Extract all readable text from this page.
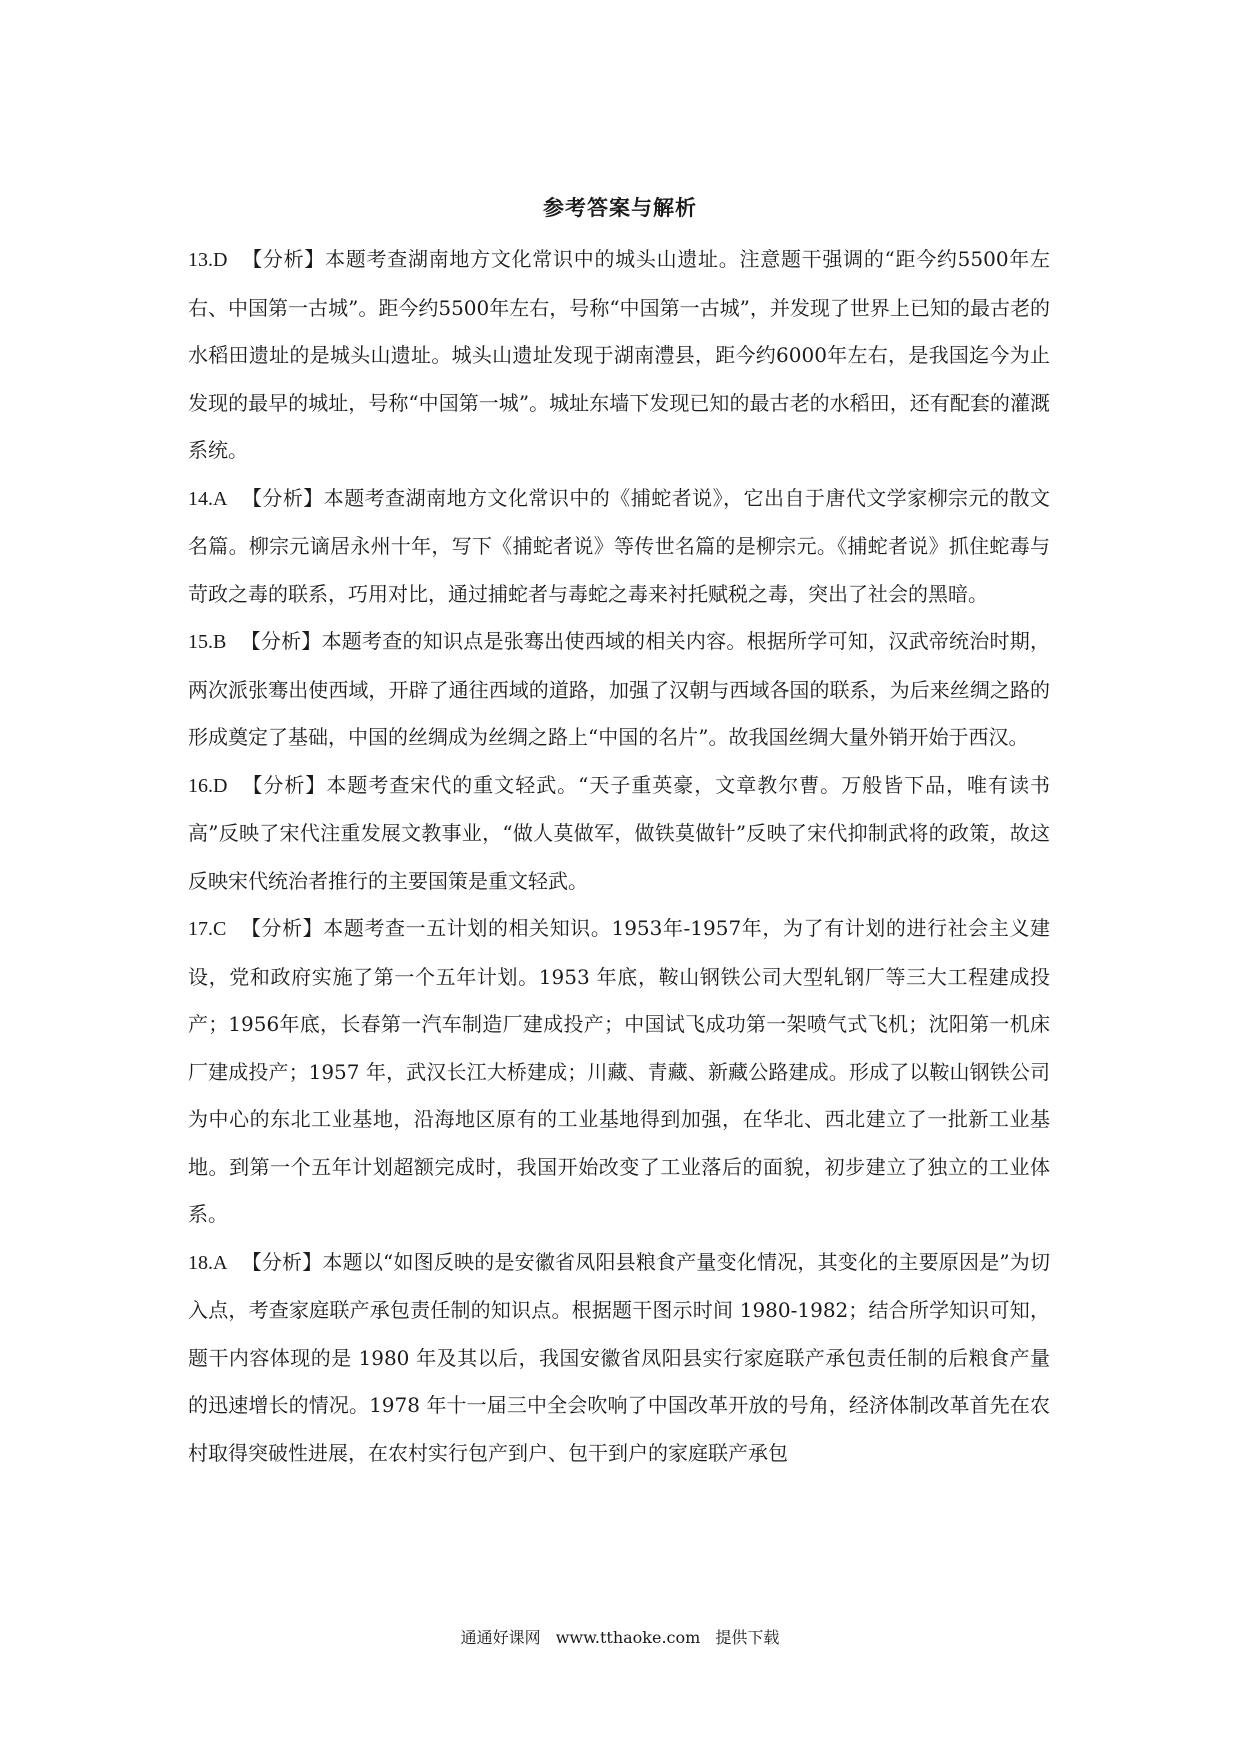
参考答案与解析

13.D 【分析】本题考查湖南地方文化常识中的城头山遗址。注意题干强调的“距今约5500年左右、中国第一古城”。距今约5500年左右，号称“中国第一古城”，并发现了世界上已知的最古老的水稻田遗址的是城头山遗址。城头山遗址发现于湖南澧县，距今约6000年左右，是我国迄今为止发现的最早的城址，号称“中国第一城”。城址东墙下发现已知的最古老的水稻田，还有配套的灌溉系统。

14.A 【分析】本题考查湖南地方文化常识中的《捕蛇者说》，它出自于唐代文学家柳宗元的散文名篇。柳宗元谪居永州十年，写下《捕蛇者说》等传世名篇的是柳宗元。《捕蛇者说》抓住蛇毒与苛政之毒的联系，巧用对比，通过捕蛇者与毒蛇之毒来衬托赋税之毒，突出了社会的黑暗。

15.B 【分析】本题考查的知识点是张骞出使西域的相关内容。根据所学可知，汉武帝统治时期，两次派张骞出使西域，开辟了通往西域的道路，加强了汉朝与西域各国的联系，为后来丝绸之路的形成奠定了基础，中国的丝绸成为丝绸之路上“中国的名片”。故我国丝绸大量外销开始于西汉。

16.D 【分析】本题考查宋代的重文轻武。“天子重英豪，文章教尔曹。万般皆下品，唯有读书高”反映了宋代注重发展文教事业，“做人莫做军，做铁莫做针”反映了宋代抑制武将的政策，故这反映宋代统治者推行的主要国策是重文轻武。

17.C 【分析】本题考查一五计划的相关知识。1953年-1957年，为了有计划的进行社会主义建设，党和政府实施了第一个五年计划。1953 年底，鞍山钢铁公司大型轧钢厂等三大工程建成投产；1956年底，长春第一汽车制造厂建成投产；中国试飞成功第一架喷气式飞机；沈阳第一机床厂建成投产；1957 年，武汉长江大桥建成；川藏、青藏、新藏公路建成。形成了以鞍山钢铁公司为中心的东北工业基地，沿海地区原有的工业基地得到加强，在华北、西北建立了一批新工业基地。到第一个五年计划超额完成时，我国开始改变了工业落后的面貌，初步建立了独立的工业体系。

18.A 【分析】本题以“如图反映的是安徽省凤阳县粮食产量变化情况，其变化的主要原因是”为切入点，考查家庭联产承包责任制的知识点。根据题干图示时间 1980-1982；结合所学知识可知，题干内容体现的是 1980 年及其以后，我国安徽省凤阳县实行家庭联产承包责任制的后粮食产量的迅速增长的情况。1978 年十一届三中全会吹响了中国改革开放的号角，经济体制改革首先在农村取得突破性进展，在农村实行包产到户、包干到户的家庭联产承包

通通好课网 www.tthaoke.com 提供下载
